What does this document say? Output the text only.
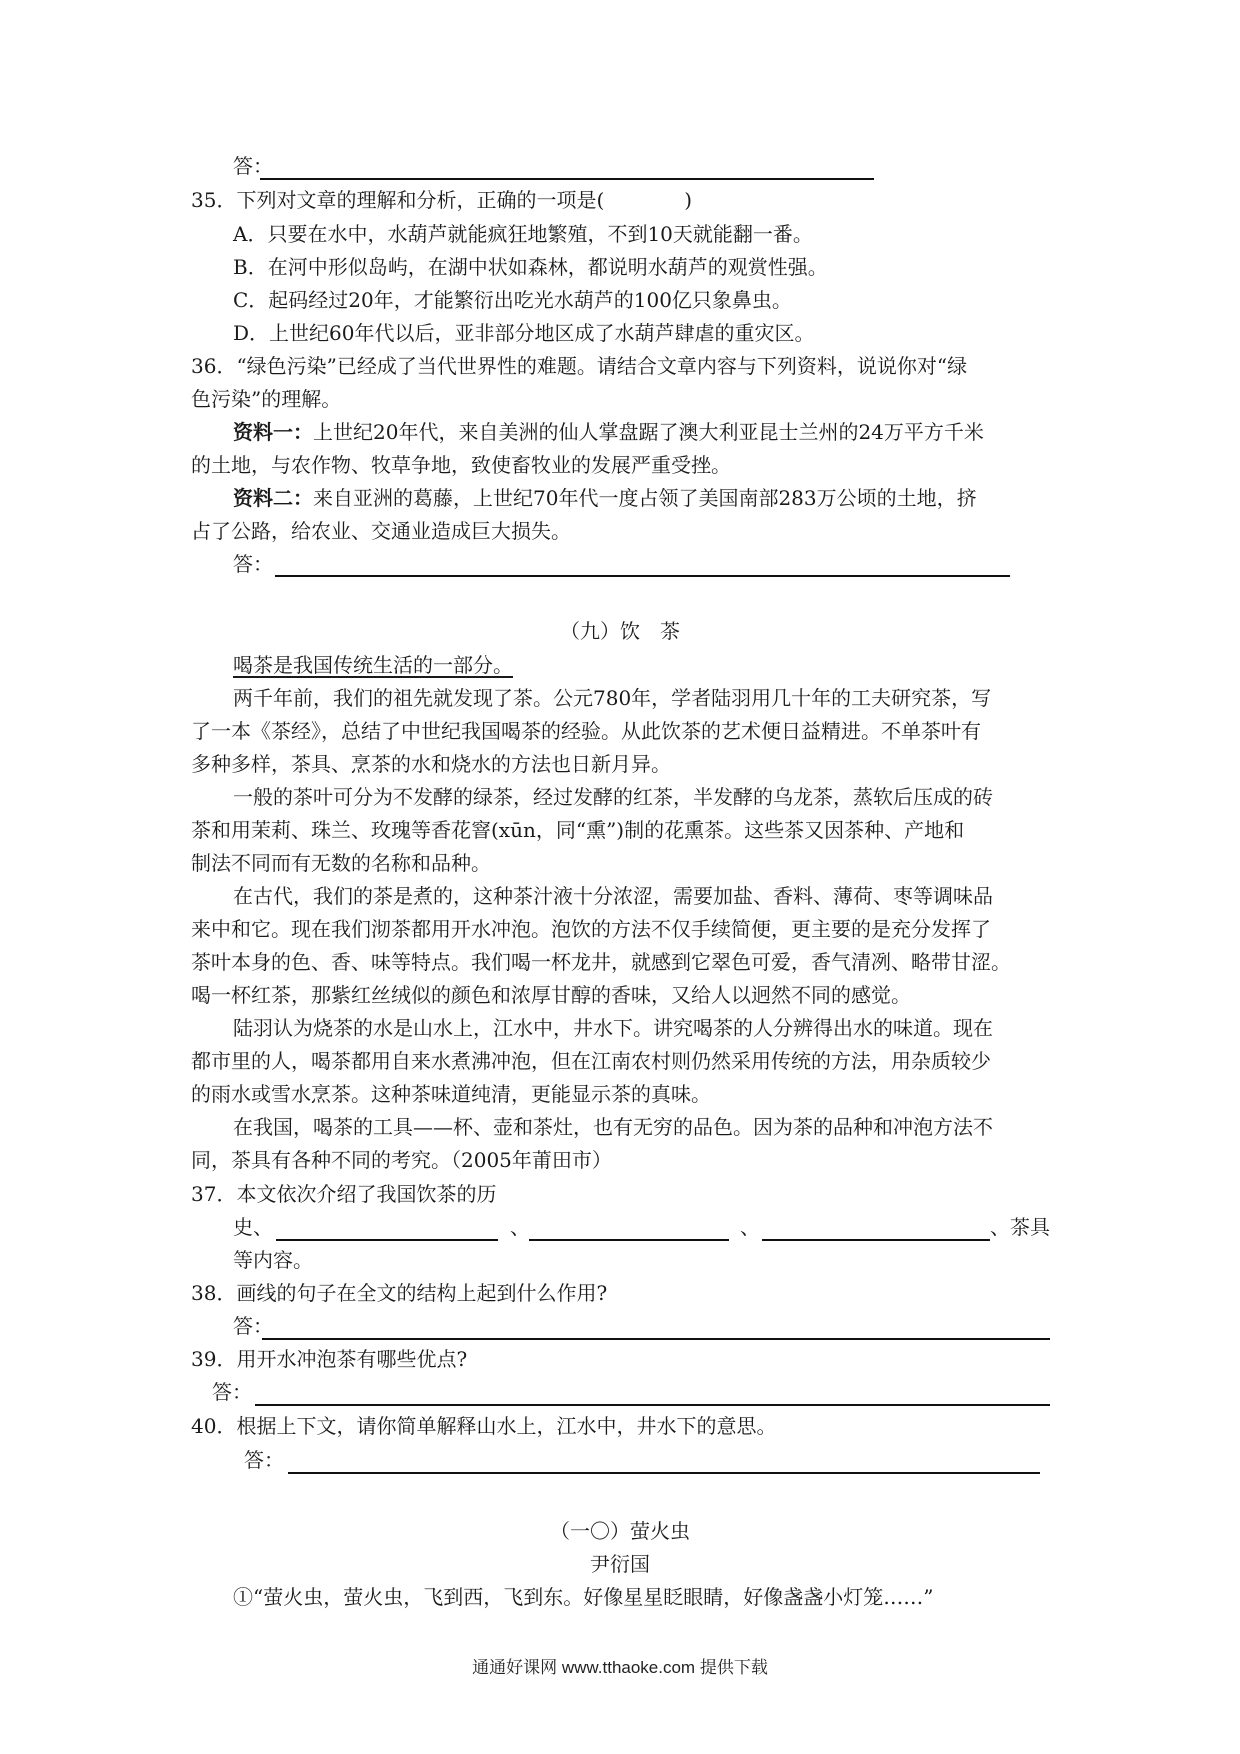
答：
35．下列对文章的理解和分析，正确的一项是(　　　　)
A．只要在水中，水葫芦就能疯狂地繁殖，不到10天就能翻一番。
B．在河中形似岛屿，在湖中状如森林，都说明水葫芦的观赏性强。
C．起码经过20年，才能繁衍出吃光水葫芦的100亿只象鼻虫。
D．上世纪60年代以后，亚非部分地区成了水葫芦肆虐的重灾区。
36．“绿色污染”已经成了当代世界性的难题。请结合文章内容与下列资料，说说你对“绿
色污染”的理解。
资料一：上世纪20年代，来自美洲的仙人掌盘踞了澳大利亚昆士兰州的24万平方千米
的土地，与农作物、牧草争地，致使畜牧业的发展严重受挫。
资料二：来自亚洲的葛藤，上世纪70年代一度占领了美国南部283万公顷的土地，挤
占了公路，给农业、交通业造成巨大损失。
答：
（九）饮　茶
喝茶是我国传统生活的一部分。
两千年前，我们的祖先就发现了茶。公元780年，学者陆羽用几十年的工夫研究茶，写
了一本《茶经》，总结了中世纪我国喝茶的经验。从此饮茶的艺术便日益精进。不单茶叶有
多种多样，茶具、烹茶的水和烧水的方法也日新月异。
一般的茶叶可分为不发酵的绿茶，经过发酵的红茶，半发酵的乌龙茶，蒸软后压成的砖
茶和用茉莉、珠兰、玫瑰等香花窨(xūn，同“熏”)制的花熏茶。这些茶又因茶种、产地和
制法不同而有无数的名称和品种。
在古代，我们的茶是煮的，这种茶汁液十分浓涩，需要加盐、香料、薄荷、枣等调味品
来中和它。现在我们沏茶都用开水冲泡。泡饮的方法不仅手续简便，更主要的是充分发挥了
茶叶本身的色、香、味等特点。我们喝一杯龙井，就感到它翠色可爱，香气清冽、略带甘涩。
喝一杯红茶，那紫红丝绒似的颜色和浓厚甘醇的香味，又给人以迥然不同的感觉。
陆羽认为烧茶的水是山水上，江水中，井水下。讲究喝茶的人分辨得出水的味道。现在
都市里的人，喝茶都用自来水煮沸冲泡，但在江南农村则仍然采用传统的方法，用杂质较少
的雨水或雪水烹茶。这种茶味道纯清，更能显示茶的真味。
在我国，喝茶的工具——杯、壶和茶灶，也有无穷的品色。因为茶的品种和冲泡方法不
同，茶具有各种不同的考究。（2005年莆田市）
37．本文依次介绍了我国饮茶的历
史、	、	、	、茶具
等内容。
38．画线的句子在全文的结构上起到什么作用?
答：
39．用开水冲泡茶有哪些优点?
答：
40．根据上下文，请你简单解释山水上，江水中，井水下的意思。
答：
（一〇）萤火虫
尹衍国
①“萤火虫，萤火虫，飞到西，飞到东。好像星星眨眼睛，好像盏盏小灯笼……”
通通好课网 www.tthaoke.com 提供下载
